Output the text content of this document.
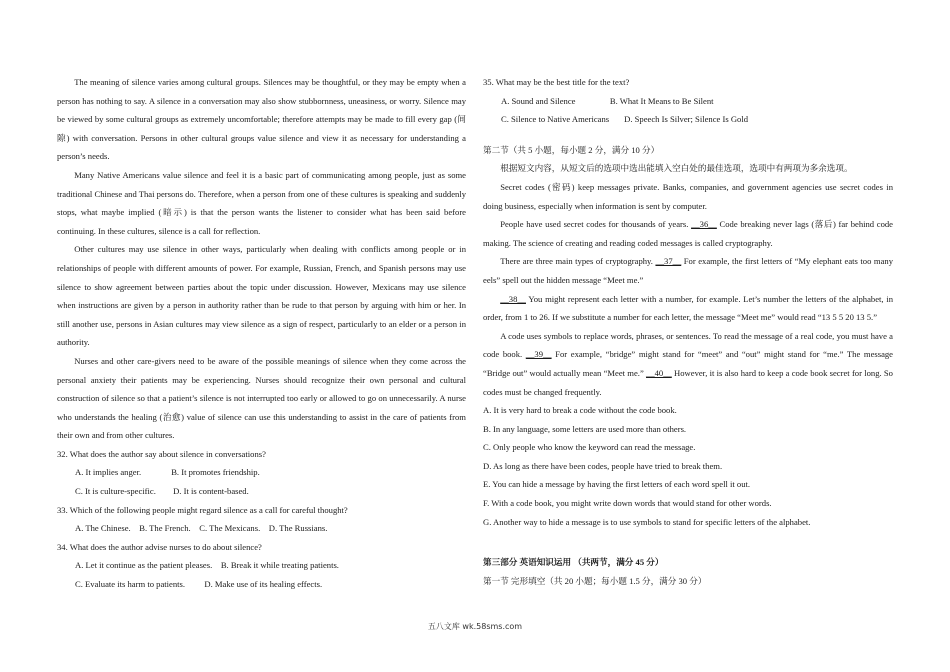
The meaning of silence varies among cultural groups. Silences may be thoughtful, or they may be empty when a person has nothing to say. A silence in a conversation may also show stubbornness, uneasiness, or worry. Silence may be viewed by some cultural groups as extremely uncomfortable; therefore attempts may be made to fill every gap (间隙) with conversation. Persons in other cultural groups value silence and view it as necessary for understanding a person’s needs.

Many Native Americans value silence and feel it is a basic part of communicating among people, just as some traditional Chinese and Thai persons do. Therefore, when a person from one of these cultures is speaking and suddenly stops, what maybe implied (暗示) is that the person wants the listener to consider what has been said before continuing. In these cultures, silence is a call for reflection.

Other cultures may use silence in other ways, particularly when dealing with conflicts among people or in relationships of people with different amounts of power. For example, Russian, French, and Spanish persons may use silence to show agreement between parties about the topic under discussion. However, Mexicans may use silence when instructions are given by a person in authority rather than be rude to that person by arguing with him or her. In still another use, persons in Asian cultures may view silence as a sign of respect, particularly to an elder or a person in authority.

Nurses and other care-givers need to be aware of the possible meanings of silence when they come across the personal anxiety their patients may be experiencing. Nurses should recognize their own personal and cultural construction of silence so that a patient’s silence is not interrupted too early or allowed to go on unnecessarily. A nurse who understands the healing (治愈) value of silence can use this understanding to assist in the care of patients from their own and from other cultures.

32. What does the author say about silence in conversations?

A. It implies anger.              B. It promotes friendship.

C. It is culture-specific.        D. It is content-based.

33. Which of the following people might regard silence as a call for careful thought?

A. The Chinese.    B. The French.    C. The Mexicans.    D. The Russians.

34. What does the author advise nurses to do about silence?

A. Let it continue as the patient pleases.    B. Break it while treating patients.

C. Evaluate its harm to patients.         D. Make use of its healing effects.

35. What may be the best title for the text?

A. Sound and Silence                B. What It Means to Be Silent

C. Silence to Native Americans       D. Speech Is Silver; Silence Is Gold

第二节（共 5 小题，每小题 2 分，满分 10 分）

根据短文内容，从短文后的选项中选出能填入空白处的最佳选项，选项中有两项为多余选项。

Secret codes (密码) keep messages private. Banks, companies, and government agencies use secret codes in doing business, especially when information is sent by computer.

People have used secret codes for thousands of years. __36__ Code breaking never lags (落后) far behind code making. The science of creating and reading coded messages is called cryptography.

There are three main types of cryptography. __37__ For example, the first letters of “My elephant eats too many eels” spell out the hidden message “Meet me.”

__38__ You might represent each letter with a number, for example. Let’s number the letters of the alphabet, in order, from 1 to 26. If we substitute a number for each letter, the message “Meet me” would read “13 5 5 20 13 5.”

A code uses symbols to replace words, phrases, or sentences. To read the message of a real code, you must have a code book. __39__ For example, “bridge” might stand for “meet” and “out” might stand for “me.” The message “Bridge out” would actually mean “Meet me.” __40__ However, it is also hard to keep a code book secret for long. So codes must be changed frequently.

A. It is very hard to break a code without the code book.

B. In any language, some letters are used more than others.

C. Only people who know the keyword can read the message.

D. As long as there have been codes, people have tried to break them.

E. You can hide a message by having the first letters of each word spell it out.

F. With a code book, you might write down words that would stand for other words.

G. Another way to hide a message is to use symbols to stand for specific letters of the alphabet.

第三部分 英语知识运用 （共两节，满分 45 分）

第一节 完形填空（共 20 小题；每小题 1.5 分，满分 30 分）

五八文库 wk.58sms.com
